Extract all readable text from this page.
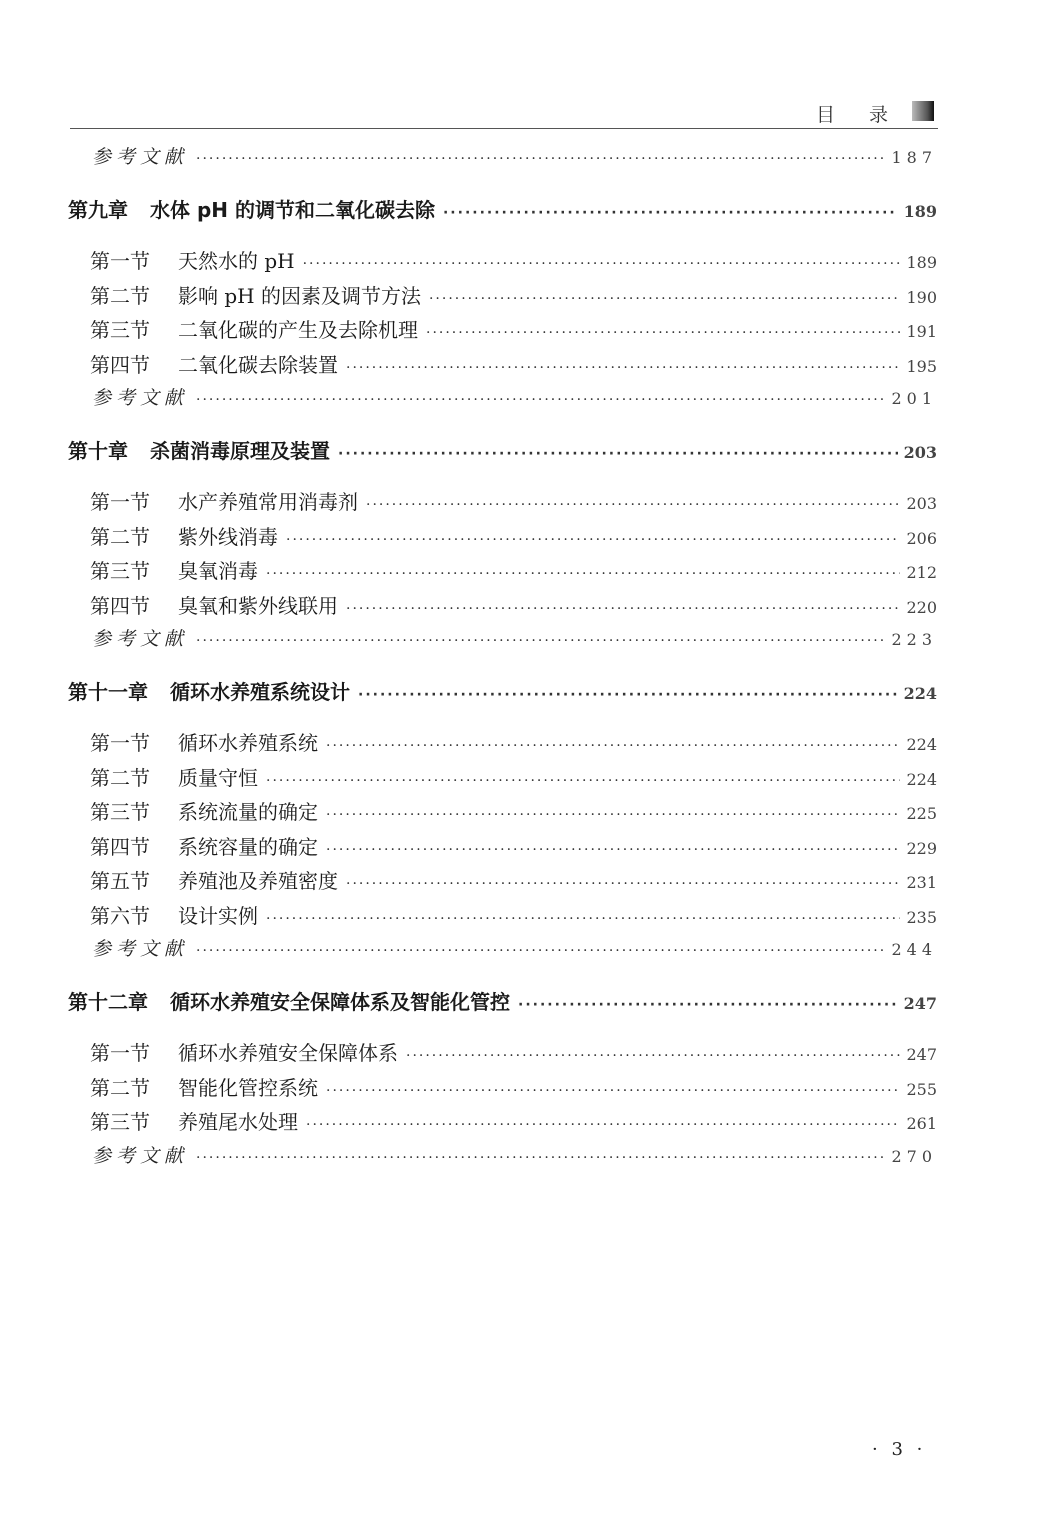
目 录
参考文献 ·····	187
第九章	水体 pH 的调节和二氧化碳去除 ·····	189
第一节	天然水的 pH ·····	189
第二节	影响 pH 的因素及调节方法 ·····	190
第三节	二氧化碳的产生及去除机理 ·····	191
第四节	二氧化碳去除装置 ·····	195
参考文献 ·····	201
第十章	杀菌消毒原理及装置 ·····	203
第一节	水产养殖常用消毒剂 ·····	203
第二节	紫外线消毒 ·····	206
第三节	臭氧消毒 ·····	212
第四节	臭氧和紫外线联用 ·····	220
参考文献 ·····	223
第十一章	循环水养殖系统设计 ·····	224
第一节	循环水养殖系统 ·····	224
第二节	质量守恒 ·····	224
第三节	系统流量的确定 ·····	225
第四节	系统容量的确定 ·····	229
第五节	养殖池及养殖密度 ·····	231
第六节	设计实例 ·····	235
参考文献 ·····	244
第十二章	循环水养殖安全保障体系及智能化管控 ·····	247
第一节	循环水养殖安全保障体系 ·····	247
第二节	智能化管控系统 ·····	255
第三节	养殖尾水处理 ·····	261
参考文献 ·····	270
· 3 ·
